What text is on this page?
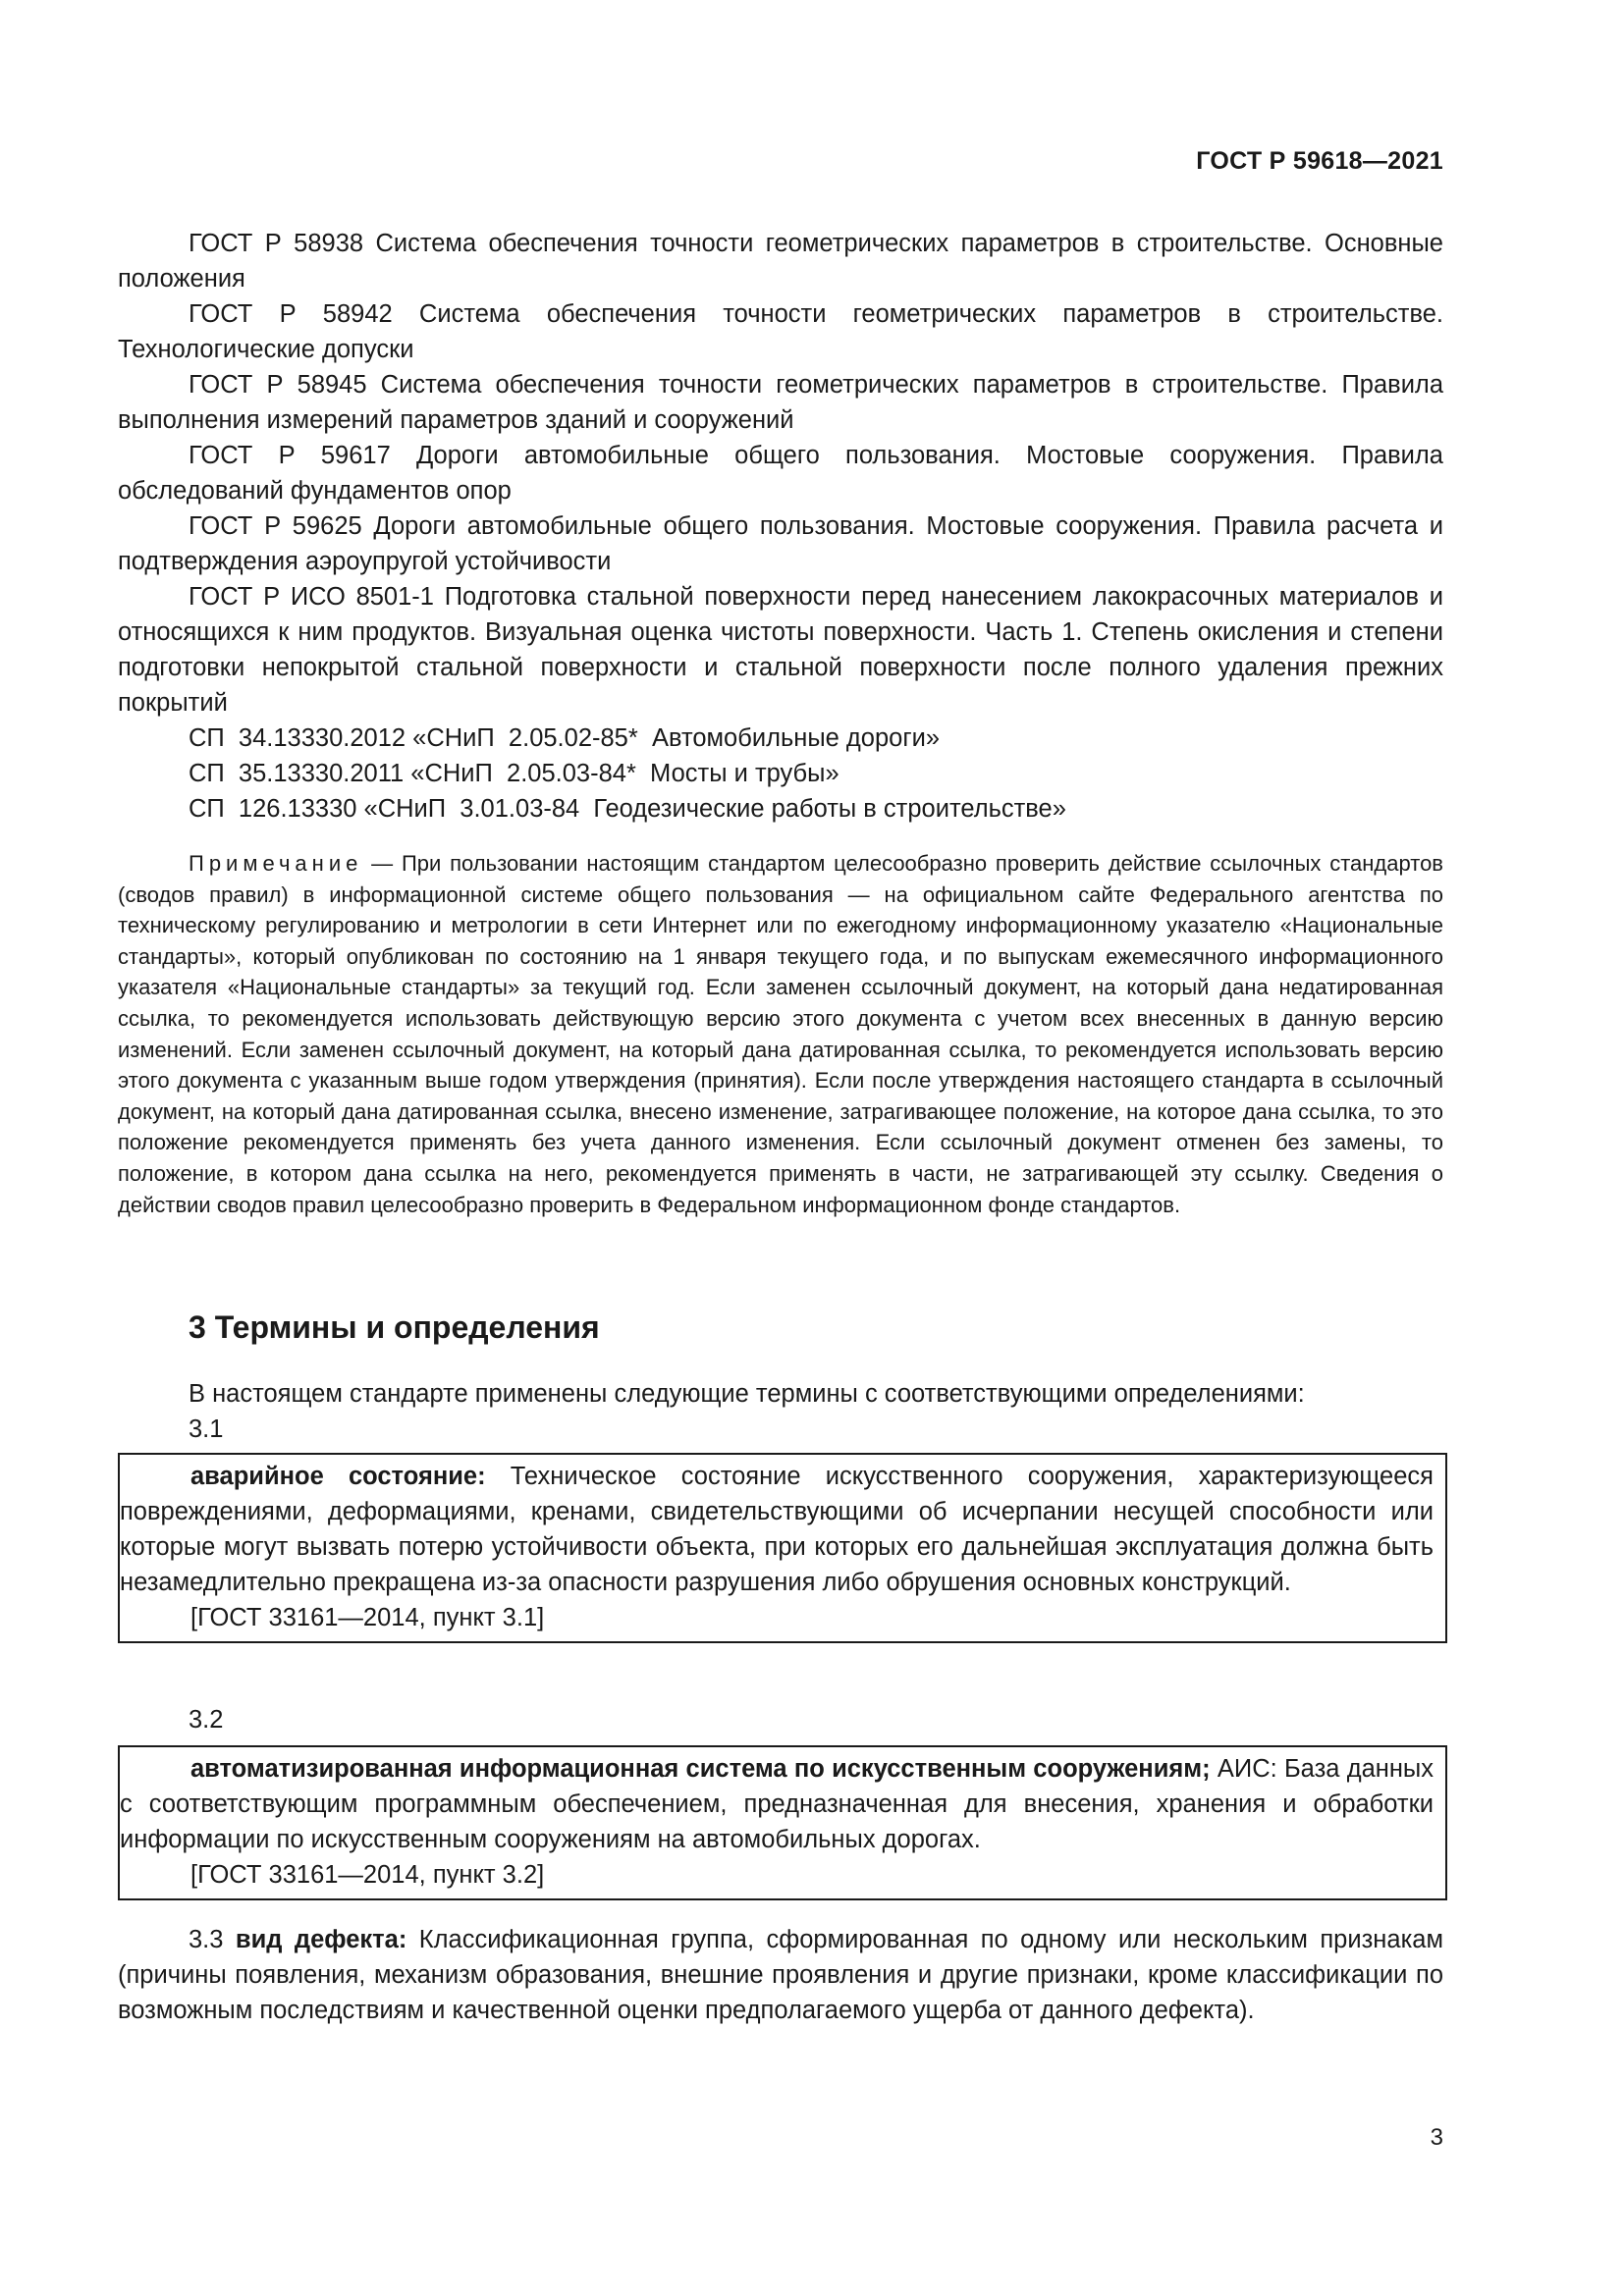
ГОСТ Р 59618—2021

ГОСТ Р 58938 Система обеспечения точности геометрических параметров в строительстве. Основные положения

ГОСТ Р 58942 Система обеспечения точности геометрических параметров в строительстве. Технологические допуски

ГОСТ Р 58945 Система обеспечения точности геометрических параметров в строительстве. Правила выполнения измерений параметров зданий и сооружений

ГОСТ Р 59617 Дороги автомобильные общего пользования. Мостовые сооружения. Правила обследований фундаментов опор

ГОСТ Р 59625 Дороги автомобильные общего пользования. Мостовые сооружения. Правила расчета и подтверждения аэроупругой устойчивости

ГОСТ Р ИСО 8501-1 Подготовка стальной поверхности перед нанесением лакокрасочных материалов и относящихся к ним продуктов. Визуальная оценка чистоты поверхности. Часть 1. Степень окисления и степени подготовки непокрытой стальной поверхности и стальной поверхности после полного удаления прежних покрытий

СП  34.13330.2012 «СНиП  2.05.02-85*  Автомобильные дороги»

СП  35.13330.2011 «СНиП  2.05.03-84*  Мосты и трубы»

СП  126.13330 «СНиП  3.01.03-84  Геодезические работы в строительстве»

Примечание — При пользовании настоящим стандартом целесообразно проверить действие ссылочных стандартов (сводов правил) в информационной системе общего пользования — на официальном сайте Федерального агентства по техническому регулированию и метрологии в сети Интернет или по ежегодному информационному указателю «Национальные стандарты», который опубликован по состоянию на 1 января текущего года, и по выпускам ежемесячного информационного указателя «Национальные стандарты» за текущий год. Если заменен ссылочный документ, на который дана недатированная ссылка, то рекомендуется использовать действующую версию этого документа с учетом всех внесенных в данную версию изменений. Если заменен ссылочный документ, на который дана датированная ссылка, то рекомендуется использовать версию этого документа с указанным выше годом утверждения (принятия). Если после утверждения настоящего стандарта в ссылочный документ, на который дана датированная ссылка, внесено изменение, затрагивающее положение, на которое дана ссылка, то это положение рекомендуется применять без учета данного изменения. Если ссылочный документ отменен без замены, то положение, в котором дана ссылка на него, рекомендуется применять в части, не затрагивающей эту ссылку. Сведения о действии сводов правил целесообразно проверить в Федеральном информационном фонде стандартов.

3 Термины и определения

В настоящем стандарте применены следующие термины с соответствующими определениями:

3.1

аварийное состояние: Техническое состояние искусственного сооружения, характеризующееся повреждениями, деформациями, кренами, свидетельствующими об исчерпании несущей способности или которые могут вызвать потерю устойчивости объекта, при которых его дальнейшая эксплуатация должна быть незамедлительно прекращена из-за опасности разрушения либо обрушения основных конструкций.

[ГОСТ 33161—2014, пункт 3.1]

3.2

автоматизированная информационная система по искусственным сооружениям; АИС: База данных с соответствующим программным обеспечением, предназначенная для внесения, хранения и обработки информации по искусственным сооружениям на автомобильных дорогах.

[ГОСТ 33161—2014, пункт 3.2]

3.3 вид дефекта: Классификационная группа, сформированная по одному или нескольким признакам (причины появления, механизм образования, внешние проявления и другие признаки, кроме классификации по возможным последствиям и качественной оценки предполагаемого ущерба от данного дефекта).

3
